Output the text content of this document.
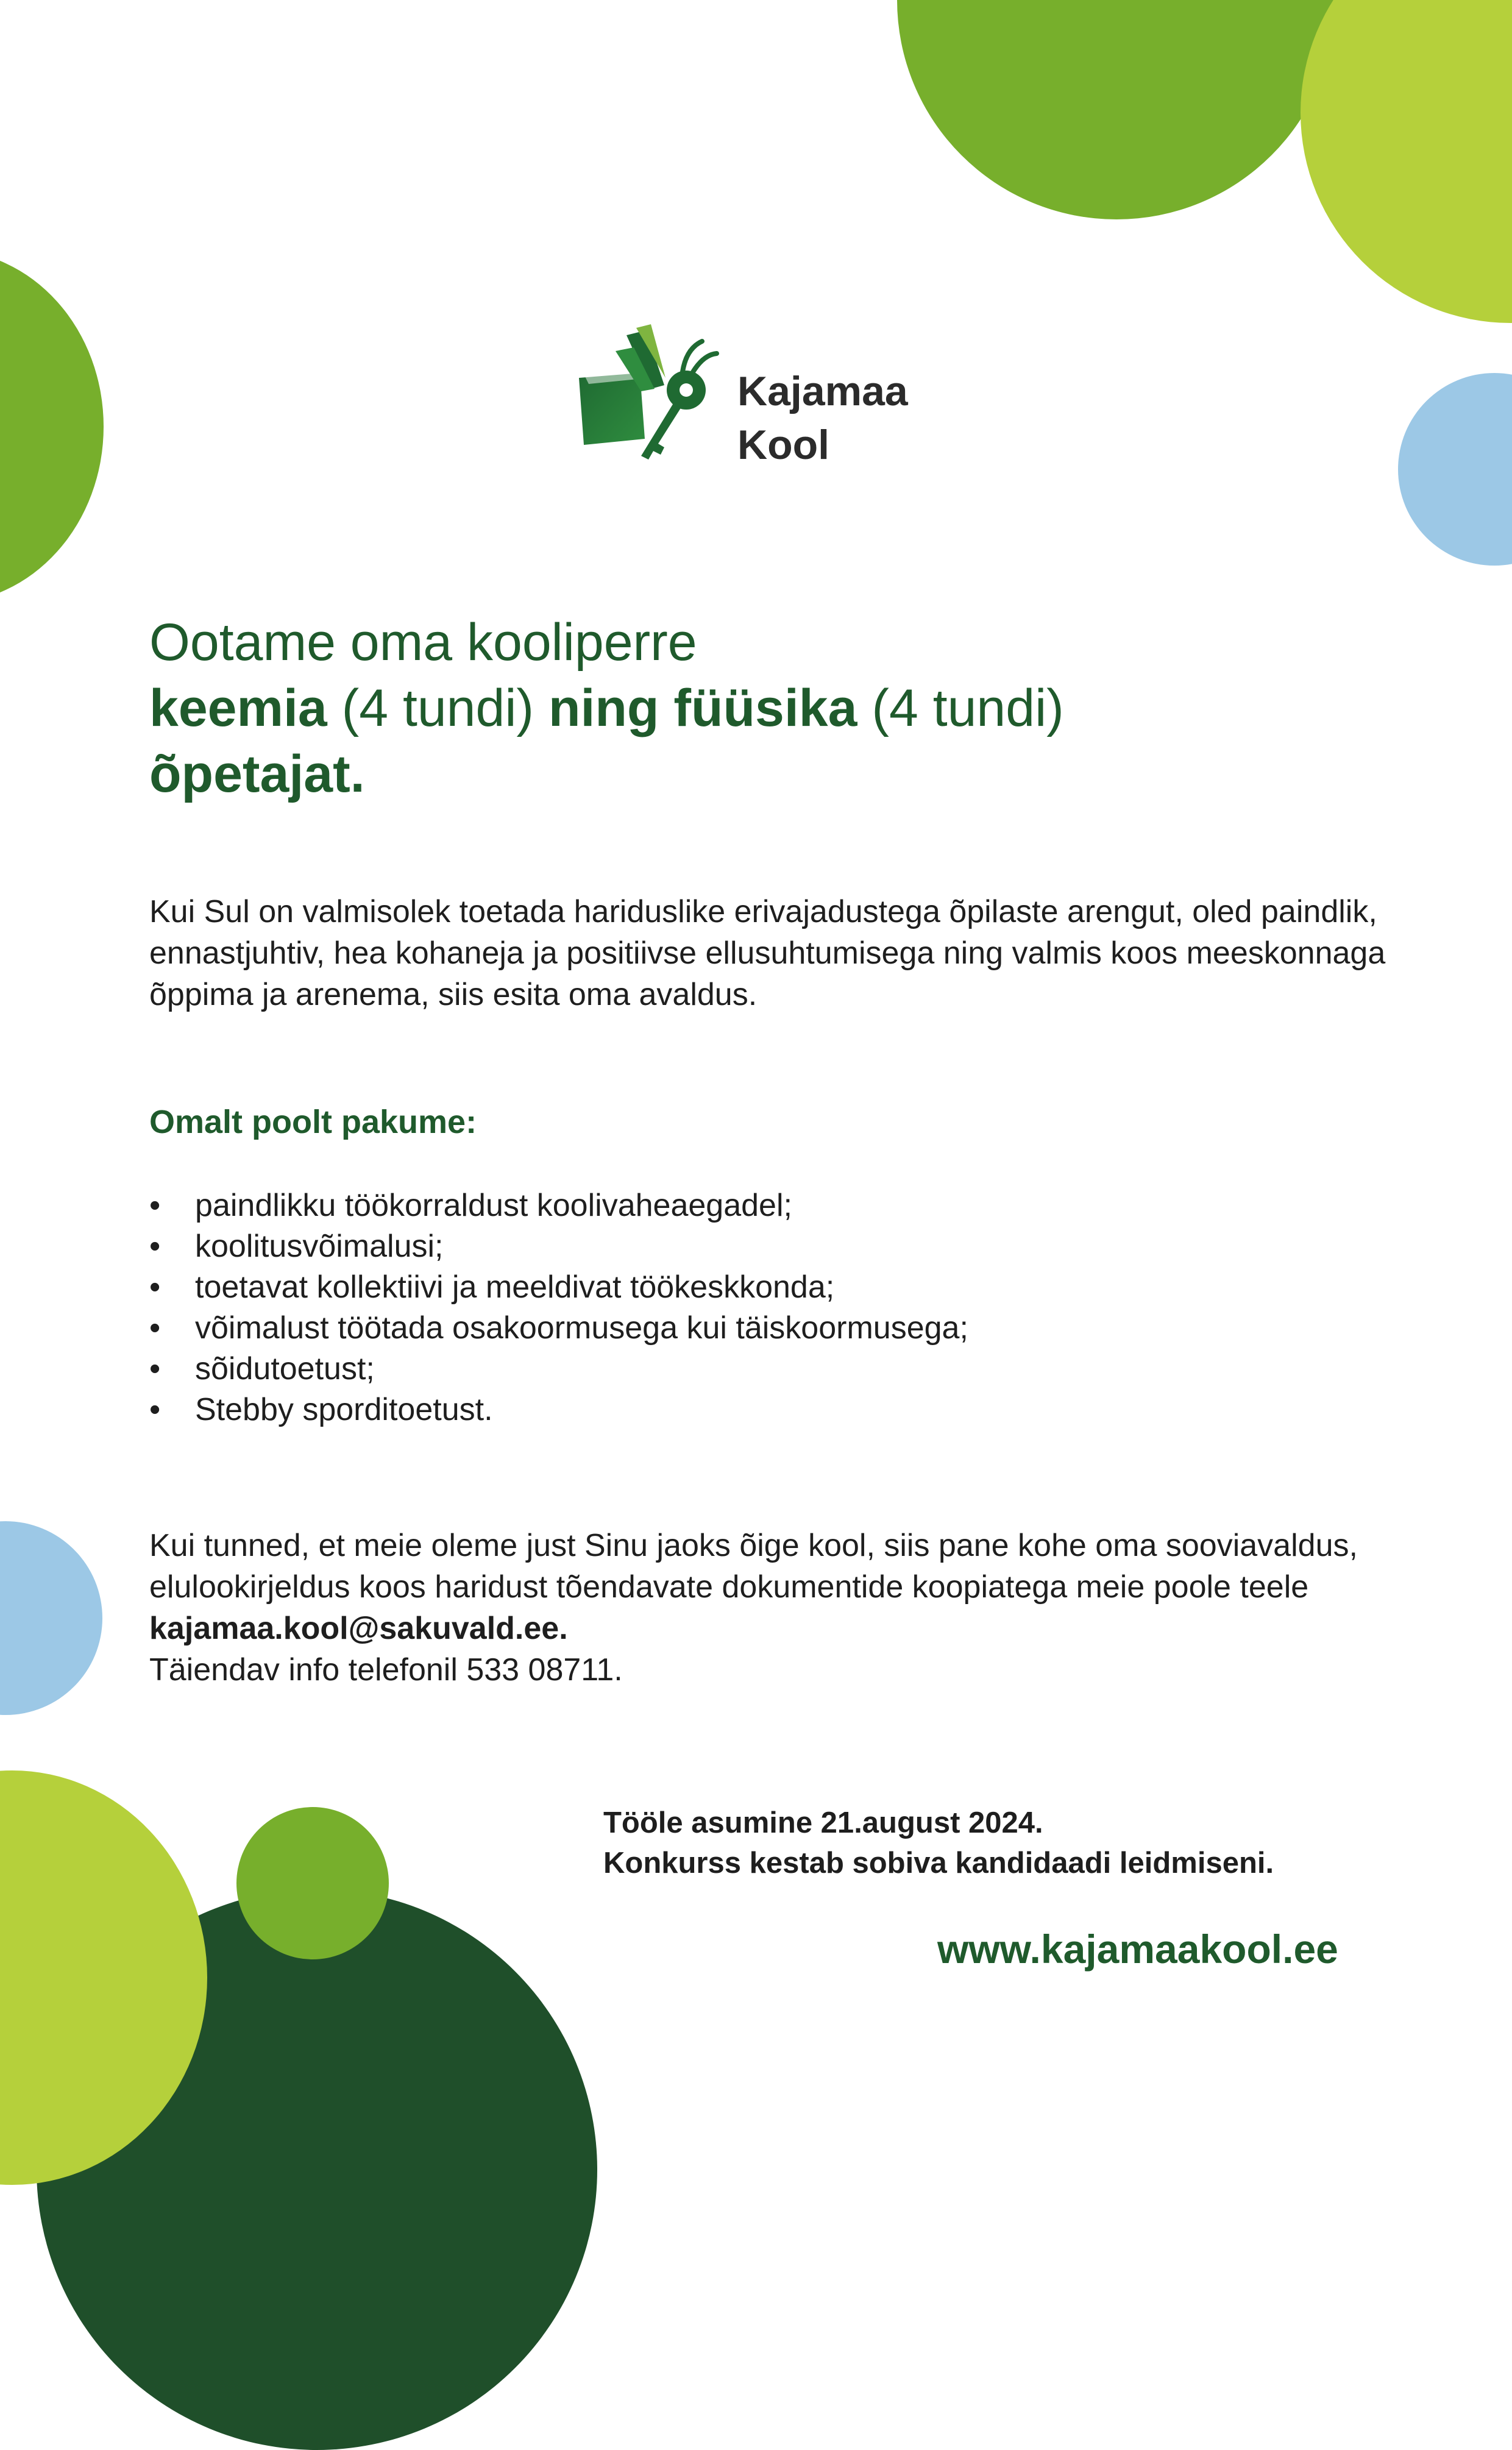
Kajamaa
Kool
Ootame oma kooliperre
keemia (4 tundi) ning füüsika (4 tundi)
õpetajat.

Kui Sul on valmisolek toetada hariduslike erivajadustega õpilaste arengut, oled paindlik, ennastjuhtiv, hea kohaneja ja positiivse ellusuhtumisega ning valmis koos meeskonnaga õppima ja arenema, siis esita oma avaldus.

Omalt poolt pakume:
• paindlikku töökorraldust koolivaheaegadel;
• koolitusvõimalusi;
• toetavat kollektiivi ja meeldivat töökeskkonda;
• võimalust töötada osakoormusega kui täiskoormusega;
• sõidutoetust;
• Stebby sporditoetust.
Kui tunned, et meie oleme just Sinu jaoks õige kool, siis pane kohe oma sooviavaldus, elulookirjeldus koos haridust tõendavate dokumentide koopiatega meie poole teele kajamaa.kool@sakuvald.ee.
Täiendav info telefonil 533 08711.
Tööle asumine 21.august 2024.
Konkurss kestab sobiva kandidaadi leidmiseni.
www.kajamaakool.ee
